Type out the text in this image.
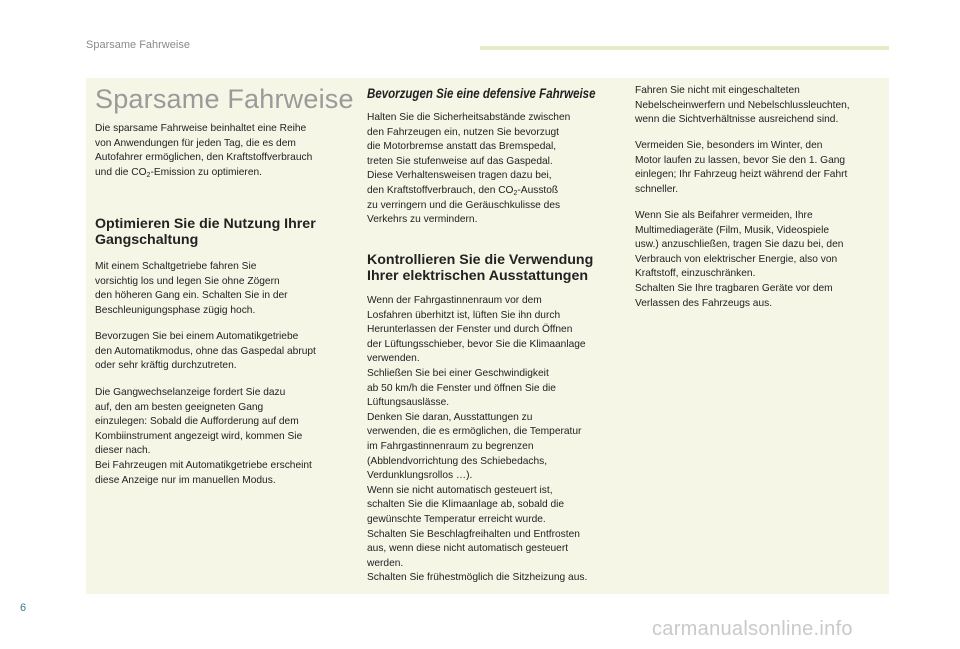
Sparsame Fahrweise
Sparsame Fahrweise
Die sparsame Fahrweise beinhaltet eine Reihe
von Anwendungen für jeden Tag, die es dem
Autofahrer ermöglichen, den Kraftstoffverbrauch
und die $CO_2$-Emission zu optimieren.
Optimieren Sie die Nutzung Ihrer
Gangschaltung
Mit einem Schaltgetriebe fahren Sie
vorsichtig los und legen Sie ohne Zögern
den höheren Gang ein. Schalten Sie in der
Beschleunigungsphase zügig hoch.
Bevorzugen Sie bei einem Automatikgetriebe
den Automatikmodus, ohne das Gaspedal abrupt
oder sehr kräftig durchzutreten.
Die Gangwechselanzeige fordert Sie dazu
auf, den am besten geeigneten Gang
einzulegen: Sobald die Aufforderung auf dem
Kombiinstrument angezeigt wird, kommen Sie
dieser nach.
Bei Fahrzeugen mit Automatikgetriebe erscheint
diese Anzeige nur im manuellen Modus.
Bevorzugen Sie eine defensive Fahrweise
Halten Sie die Sicherheitsabstände zwischen
den Fahrzeugen ein, nutzen Sie bevorzugt
die Motorbremse anstatt das Bremspedal,
treten Sie stufenweise auf das Gaspedal.
Diese Verhaltensweisen tragen dazu bei,
den Kraftstoffverbrauch, den $CO_2$-Ausstoß
zu verringern und die Geräuschkulisse des
Verkehrs zu vermindern.
Kontrollieren Sie die Verwendung
Ihrer elektrischen Ausstattungen
Wenn der Fahrgastinnenraum vor dem
Losfahren überhitzt ist, lüften Sie ihn durch
Herunterlassen der Fenster und durch Öffnen
der Lüftungsschieber, bevor Sie die Klimaanlage
verwenden.
Schließen Sie bei einer Geschwindigkeit
ab 50 km/h die Fenster und öffnen Sie die
Lüftungsauslässe.
Denken Sie daran, Ausstattungen zu
verwenden, die es ermöglichen, die Temperatur
im Fahrgastinnenraum zu begrenzen
(Abblendvorrichtung des Schiebedachs,
Verdunklungsrollos …).
Wenn sie nicht automatisch gesteuert ist,
schalten Sie die Klimaanlage ab, sobald die
gewünschte Temperatur erreicht wurde.
Schalten Sie Beschlagfreihalten und Entfrosten
aus, wenn diese nicht automatisch gesteuert
werden.
Schalten Sie frühestmöglich die Sitzheizung aus.
Fahren Sie nicht mit eingeschalteten
Nebelscheinwerfern und Nebelschlussleuchten,
wenn die Sichtverhältnisse ausreichend sind.
Vermeiden Sie, besonders im Winter, den
Motor laufen zu lassen, bevor Sie den 1. Gang
einlegen; Ihr Fahrzeug heizt während der Fahrt
schneller.
Wenn Sie als Beifahrer vermeiden, Ihre
Multimediageräte (Film, Musik, Videospiele
usw.) anzuschließen, tragen Sie dazu bei, den
Verbrauch von elektrischer Energie, also von
Kraftstoff, einzuschränken.
Schalten Sie Ihre tragbaren Geräte vor dem
Verlassen des Fahrzeugs aus.
6
carmanualsonline.info
